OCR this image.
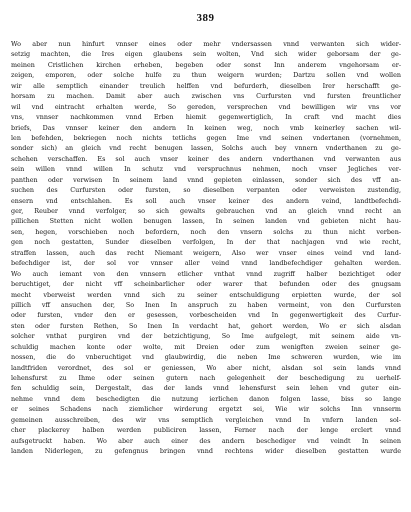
389
Wo aber nun hinfurt vnnser eines oder mehr vndersassen vnnd verwanten sich wider-
setzig machten, die Ires eigen glaubens sein wolten, Vnd sich wider geborsam der ge-
meinen Cristlichen kirchen erheben, begeben oder sonst Inn anderem vngehorsam er-
zeigen, emporen, oder solche hulfe zu thun weigern wurden; Dartzu sollen vnd wollen
wir alle semptlich einander treulich helffen vnd befurderh, dieselben Irer herschafft ge-
horsam zu machen. Damit aber auch zwischen vns Curfursten vnd fursten freuntlicher
wil vnd eintracht erhalten werde, So gereden, versprechen vnd bewilligen wir vns vor
vns, vnnser nachkommen vnnd Erben hiemit gegenwertiglich, In craft vnd macht dies
briefs, Das vnnser keiner den andern In keinen weg, noch vmb keinerley sachen wil-
len befehden, bekriegen noch nichts tetlichs gegen Ime vnd seinen vndertanen (vornehmen,
sonder sich) an gleich vnd recht benugen lassen, Solchs auch bey vnnern vnderthanen zu ge-
schehen verschaffen. Es sol auch vnser keiner des andern vnderthanen vnd verwanten aus
sein willen vnnd willen In schutz vnd verspruchnus nehmen, noch vnser Jegliches ver-
panthen oder verwisen In seinem land vnnd gepieten einlassen, sonder sich des vff an-
suchen des Curfursten oder fursten, so dieselben verpanten oder verweisten zustendig,
ensern vnd entschlahen. Es soll auch vnser keiner des andern veind, landtbefechdi-
ger, Reuber vnnd verfolger, so sich gewalts gebrauchen vnd an gleich vnnd recht an
pillichen Stetten nicht wollen benugen lassen, In seinen landen vnd gebieten nicht hau-
sen, hegen, vorschieben noch befordern, noch den vnsern solchs zu thun nicht verben-
gen noch gestatten, Sunder dieselben verfolgen, In der that nachjagen vnd wie recht,
straffen lassen, auch das recht Niemant weigern, Also wer vnser eines veind vnd land-
befechdiger ist, der sol vor vnnser aller veind vnnd landbefechdiger gehalten werden.
Wo auch iemant von den vnnsern etlicher vnthat vnnd zugriff halber bezichtiget oder
beruchtiget, der nicht vff scheinbarlicher oder warer that befunden oder des gnugsam
mecht vberweist werden vnnd sich zu seiner entschuldigung erpietten wurde, der sol
pillich vff ansuchen der, So Inen In anspruch zu haben vermeint, von den Curfursten
oder fursten, vnder den er gesessen, vorbescheiden vnd In gegenwertigkeit des Curfur-
sten oder fursten Rethen, So Inen In verdacht hat, gehort werden, Wo er sich alsdan
solcher vnthat purgiren vnd der betzichtigung, So Ime aufgelegt, mit seinem aide vn-
schuldig machen konte oder wolte, mit Dreien oder zum wenigften zweien seiner ge-
nossen, die do vnberuchtiget vnd glaubwirdig, die neben Ime schweren wurden, wie im
landtfriden verordnet, des sol er geniessen, Wo aber nicht, alsdan sol sein lands vnnd
lehensfurst zu Ihme oder seinen gutern nach gelegenheit der beschedigung zu uerhelf-
fen schuldig sein, Dergestalt, das der lands vnnd lehensfurst sein lehen vnd guter ein-
nehme vnnd dem beschedigten die nutzung ierlichen danon folgen lasse, biss so lange
er seines Schadens nach ziemlicher wirderung ergetzt sei, Wie wir solchs Inn vnnserm
gemeinen ausschreiben, des wir vns semptlich vergleichen vnnd In vnfern landen sol-
cher plackerey halben werden publiciren lassen, Ferner nach der lenge erclert vnnd
aufsgetruckt haben. Wo aber auch einer des andern beschediger vnd veindt In seinen
landen Niderlegen, zu gefengnus bringen vnnd rechtens wider dieselben gestatten wurde
